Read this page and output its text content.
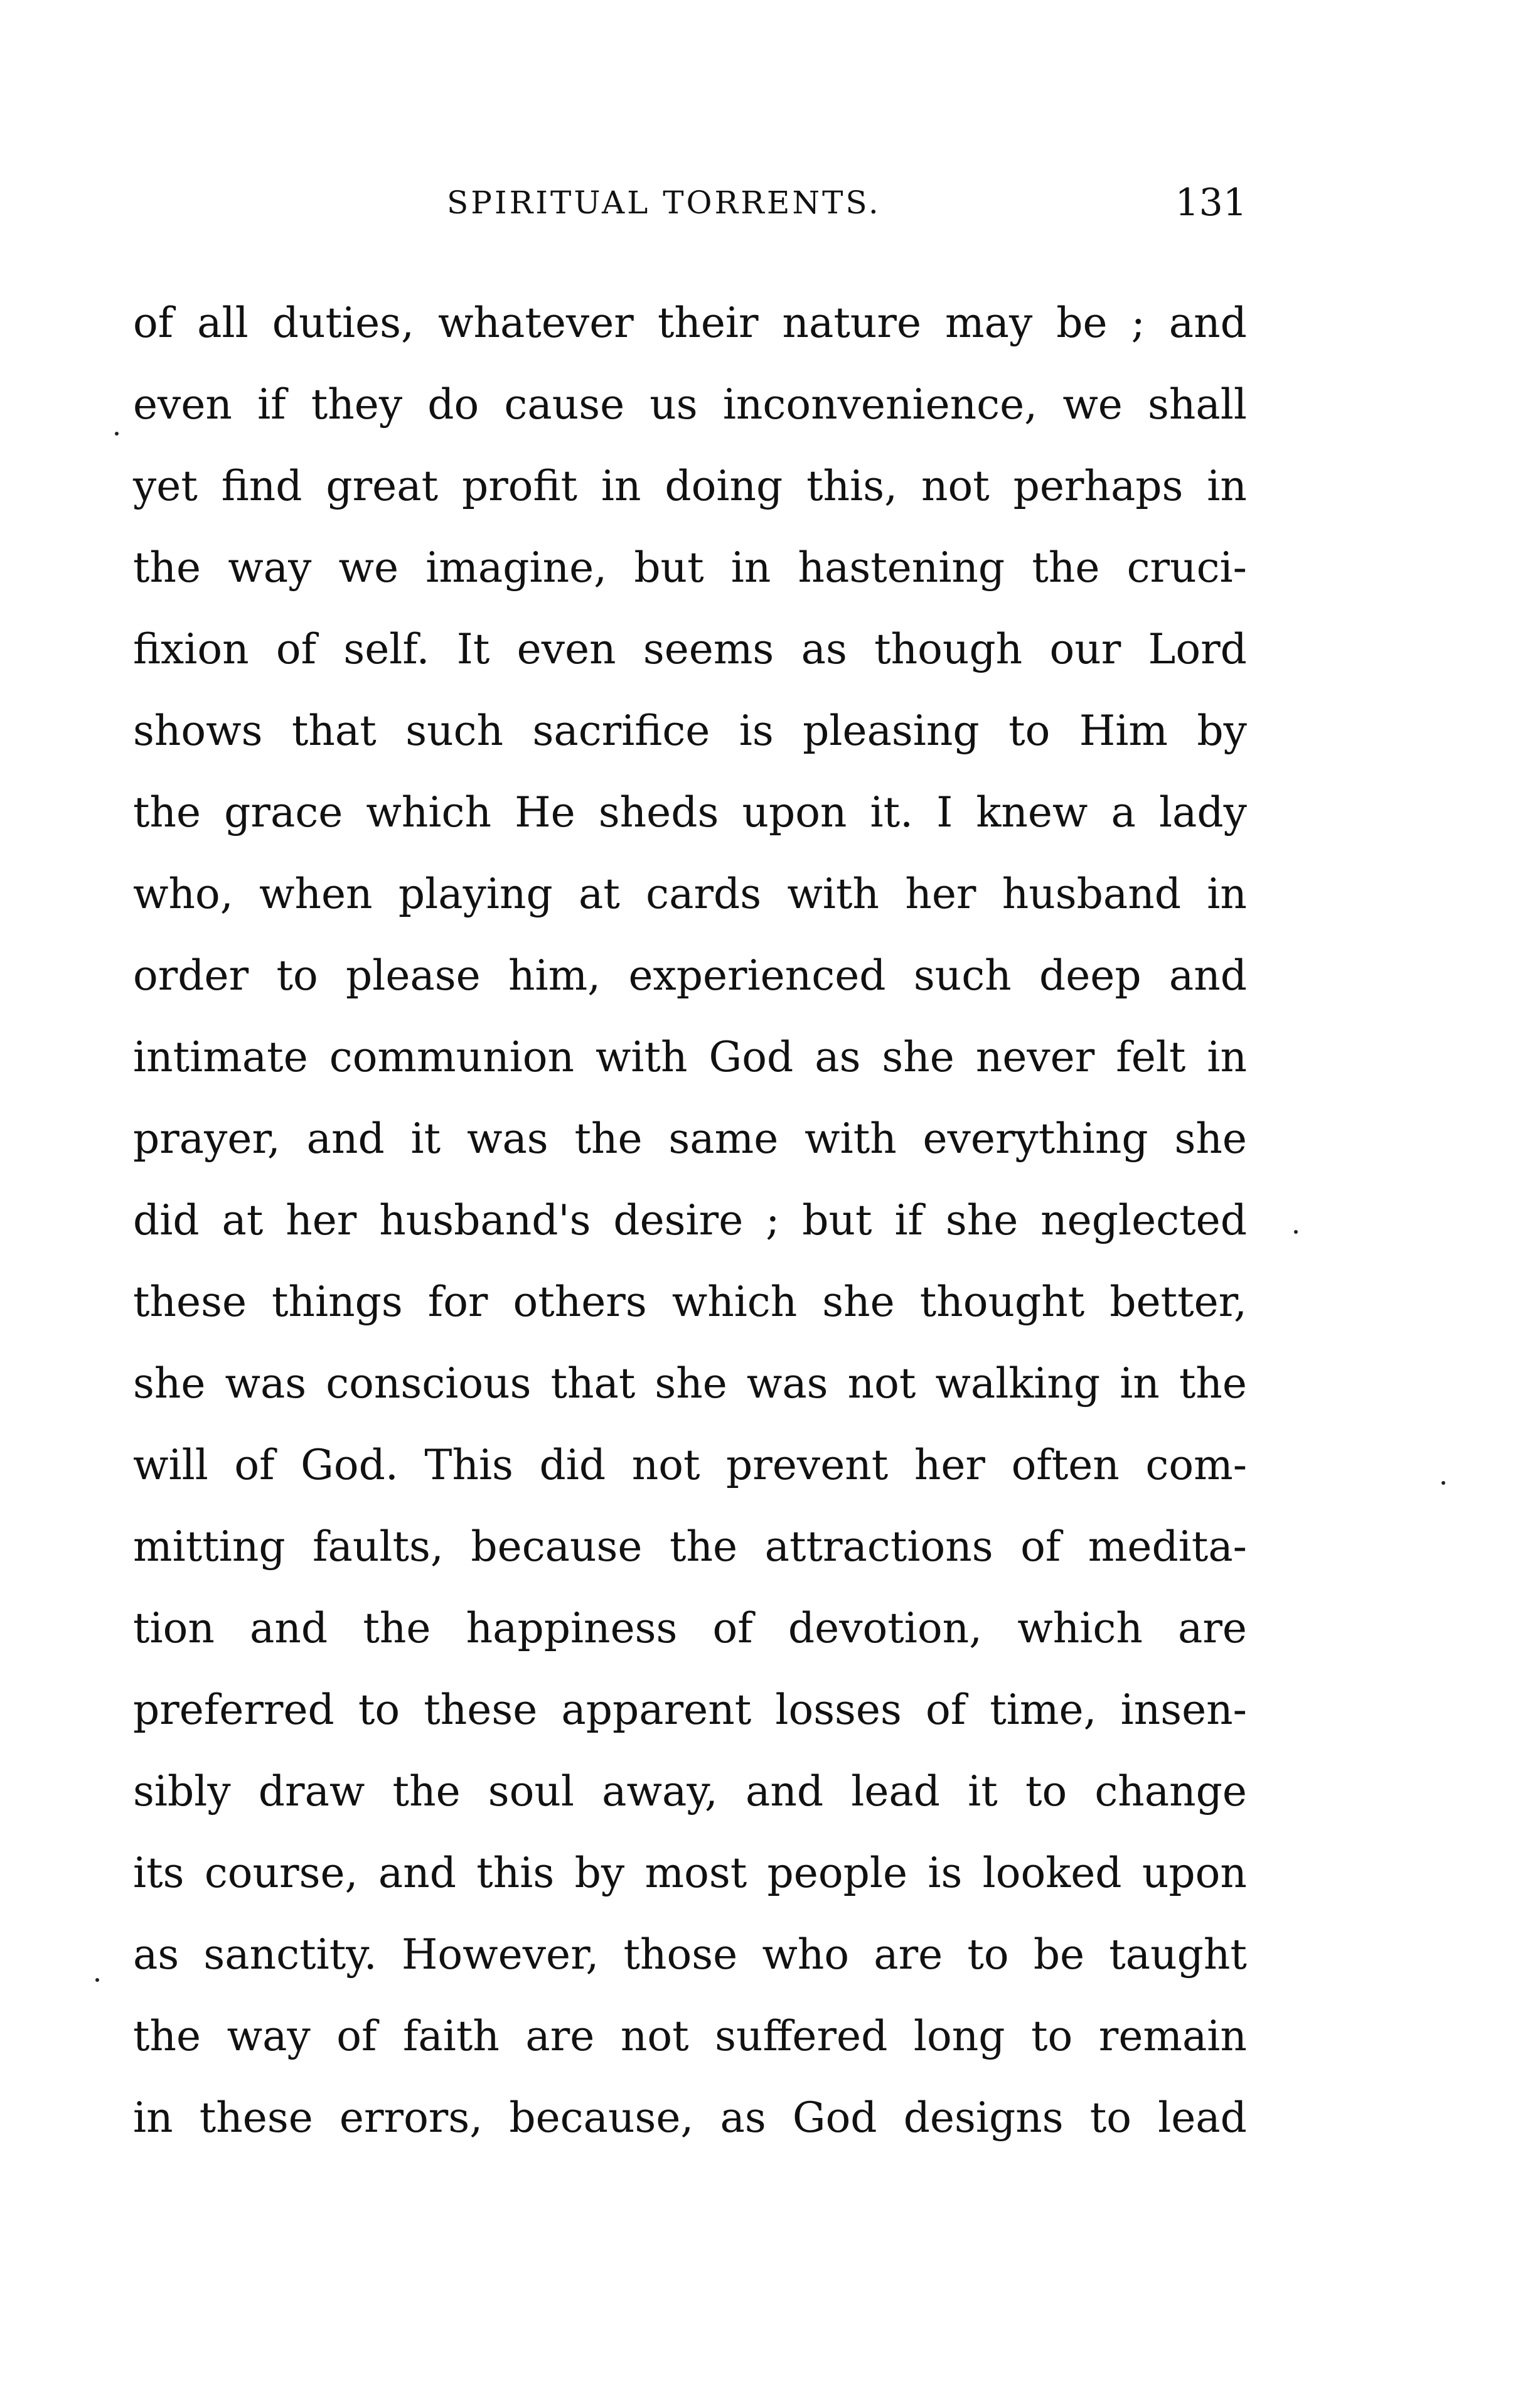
SPIRITUAL TORRENTS.	131
of all duties, whatever their nature may be ; and
even if they do cause us inconvenience, we shall
yet find great profit in doing this, not perhaps in
the way we imagine, but in hastening the cruci-
fixion of self. It even seems as though our Lord
shows that such sacrifice is pleasing to Him by
the grace which He sheds upon it. I knew a lady
who, when playing at cards with her husband in
order to please him, experienced such deep and
intimate communion with God as she never felt in
prayer, and it was the same with everything she
did at her husband's desire ; but if she neglected
these things for others which she thought better,
she was conscious that she was not walking in the
will of God. This did not prevent her often com-
mitting faults, because the attractions of medita-
tion and the happiness of devotion, which are
preferred to these apparent losses of time, insen-
sibly draw the soul away, and lead it to change
its course, and this by most people is looked upon
as sanctity. However, those who are to be taught
the way of faith are not suffered long to remain
in these errors, because, as God designs to lead
